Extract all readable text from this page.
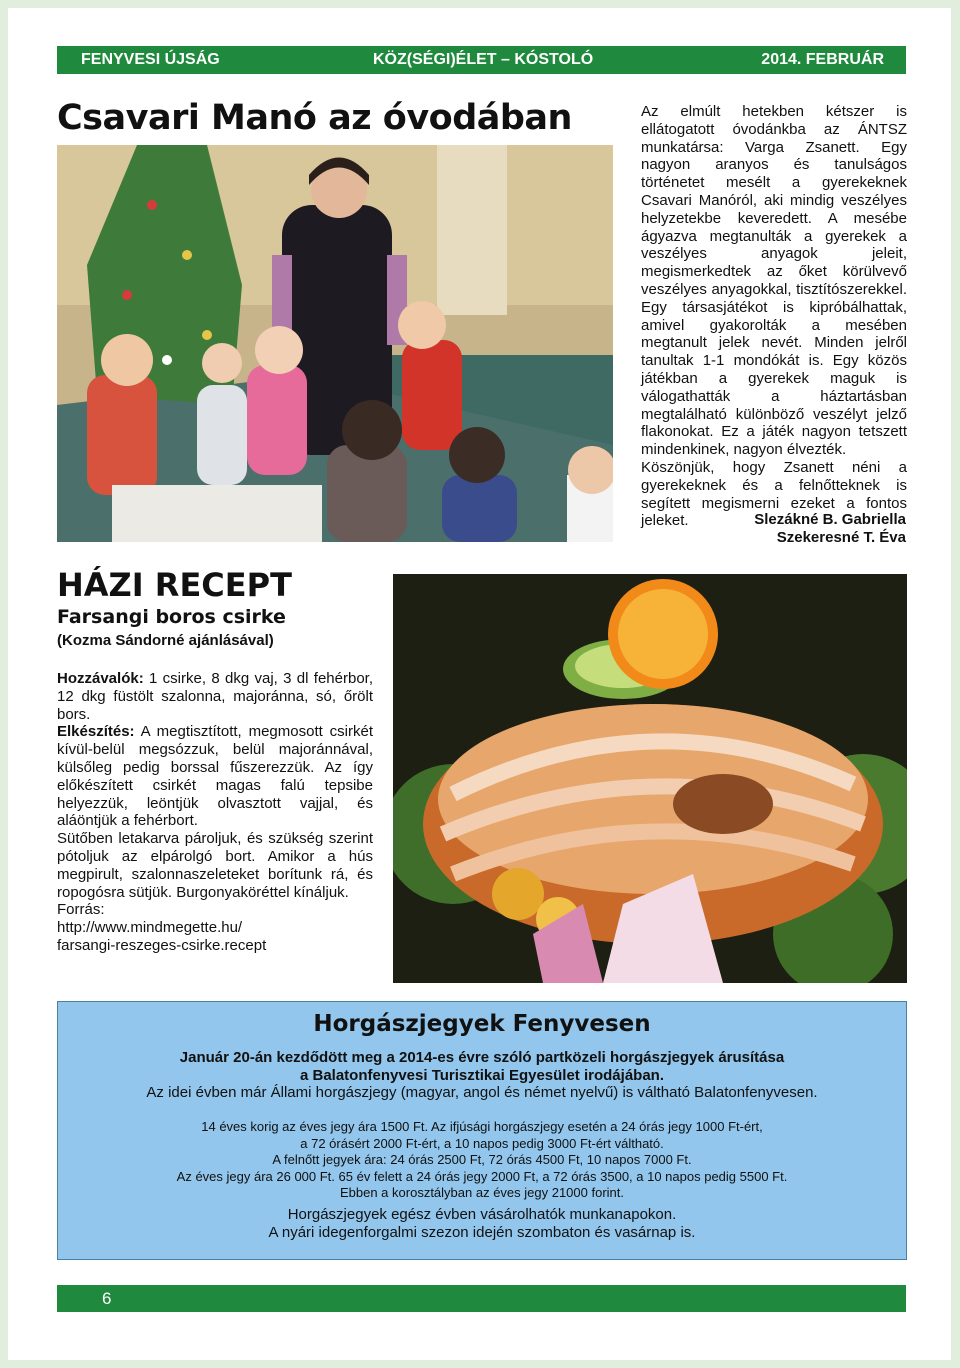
FENYVESI ÚJSÁG	KÖZ(SÉGI)ÉLET – KÓSTOLÓ	2014. FEBRUÁR
Csavari Manó az óvodában	Az elmúlt hetekben kétszer is ellátogatott óvodánkba az ÁNTSZ munkatársa: Varga Zsanett. Egy nagyon aranyos és tanulságos történetet mesélt a gyerekeknek Csavari Manóról, aki mindig veszélyes helyzetekbe keveredett. A mesébe ágyazva megtanulták a gyerekek a veszélyes anyagok jeleit, megismerkedtek az őket körülvevő veszélyes anyagokkal, tisztítószerekkel. Egy társasjátékot is kipróbálhattak, amivel gyakorolták a mesében megtanult jelek nevét. Minden jelről tanultak 1-1 mondókát is. Egy közös játékban a gyerekek maguk is válogathatták a háztartásban megtalálható különböző veszélyt jelző flakonokat. Ez a játék nagyon tetszett mindenkinek, nagyon élvezték.

Köszönjük, hogy Zsanett néni a gyerekeknek és a felnőtteknek is segített megismerni ezeket a fontos jeleket.	Slezákné B. Gabriella
Szekeresné T. Éva
HÁZI RECEPT
Farsangi boros csirke
(Kozma Sándorné ajánlásával)

Hozzávalók: 1 csirke, 8 dkg vaj, 3 dl fehérbor, 12 dkg füstölt szalonna, majoránna, só, őrölt bors.

Elkészítés: A megtisztított, megmosott csirkét kívül-belül megsózzuk, belül majoránnával, külsőleg pedig borssal fűszerezzük. Az így előkészített csirkét magas falú tepsibe helyezzük, leöntjük olvasztott vajjal, és aláöntjük a fehérbort.

Sütőben letakarva pároljuk, és szükség szerint pótoljuk az elpárolgó bort. Amikor a hús megpirult, szalonnaszeleteket borítunk rá, és ropogósra sütjük. Burgonyaköréttel kínáljuk.

Forrás:

http://www.mindmegette.hu/

farsangi-reszeges-csirke.recept

Horgászjegyek Fenyvesen
Január 20-án kezdődött meg a 2014-es évre szóló partközeli horgászjegyek árusítása
a Balatonfenyvesi Turisztikai Egyesület irodájában.
Az idei évben már Állami horgászjegy (magyar, angol és német nyelvű) is váltható Balatonfenyvesen.
14 éves korig az éves jegy ára 1500 Ft. Az ifjúsági horgászjegy esetén a 24 órás jegy 1000 Ft-ért,
a 72 órásért 2000 Ft-ért, a 10 napos pedig 3000 Ft-ért váltható.
A felnőtt jegyek ára: 24 órás 2500 Ft, 72 órás 4500 Ft, 10 napos 7000 Ft.
Az éves jegy ára 26 000 Ft. 65 év felett a 24 órás jegy 2000 Ft, a 72 órás 3500, a 10 napos pedig 5500 Ft.
Ebben a korosztályban az éves jegy 21000 forint.
Horgászjegyek egész évben vásárolhatók munkanapokon.
A nyári idegenforgalmi szezon idején szombaton és vasárnap is.
6
